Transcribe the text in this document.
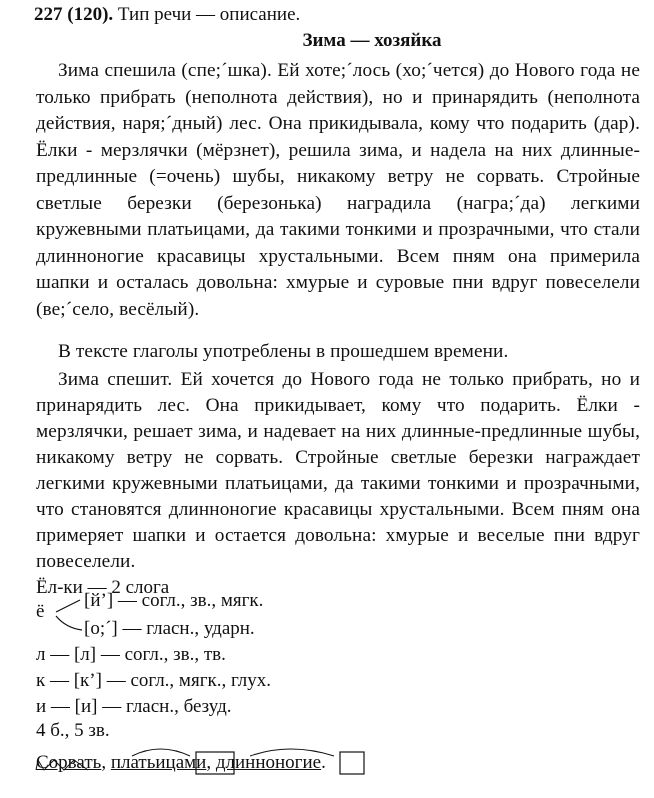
227 (120). Тип речи — описание.
Зима — хозяйка
Зима спешила (спе;´шка). Ей хоте;´лось (хо;´чется) до Нового года не только прибрать (неполнота действия), но и принарядить (неполнота действия, наря;´дный) лес. Она прикидывала, кому что подарить (дар). Ёлки - мерзлячки (мёрзнет), решила зима, и надела на них длинные-предлинные (=очень) шубы, никакому ветру не сорвать. Стройные светлые березки (березонька) наградила (награ;´да) легкими кружевными платьицами, да такими тонкими и прозрачными, что стали длинноногие красавицы хрустальными. Всем пням она примерила шапки и осталась довольна: хмурые и суровые пни вдруг повеселели (ве;´село, весёлый).
В тексте глаголы употреблены в прошедшем времени.
Зима спешит. Ей хочется до Нового года не только прибрать, но и принарядить лес. Она прикидывает, кому что подарить. Ёлки - мерзлячки, решает зима, и надевает на них длинные-предлинные шубы, никакому ветру не сорвать. Стройные светлые березки награждает легкими кружевными платьицами, да такими тонкими и прозрачными, что становятся длинноногие красавицы хрустальными. Всем пням она примеряет шапки и остается довольна: хмурые и веселые пни вдруг повеселели.
Ёл-ки — 2 слога
ё
[й’] — согл., зв., мягк.
[о;´] — гласн., ударн.
л — [л] — согл., зв., тв.
к — [к’] — согл., мягк., глух.
и — [и] — гласн., безуд.
4 б., 5 зв.
Сорвать, платьицами, длинноногие.
